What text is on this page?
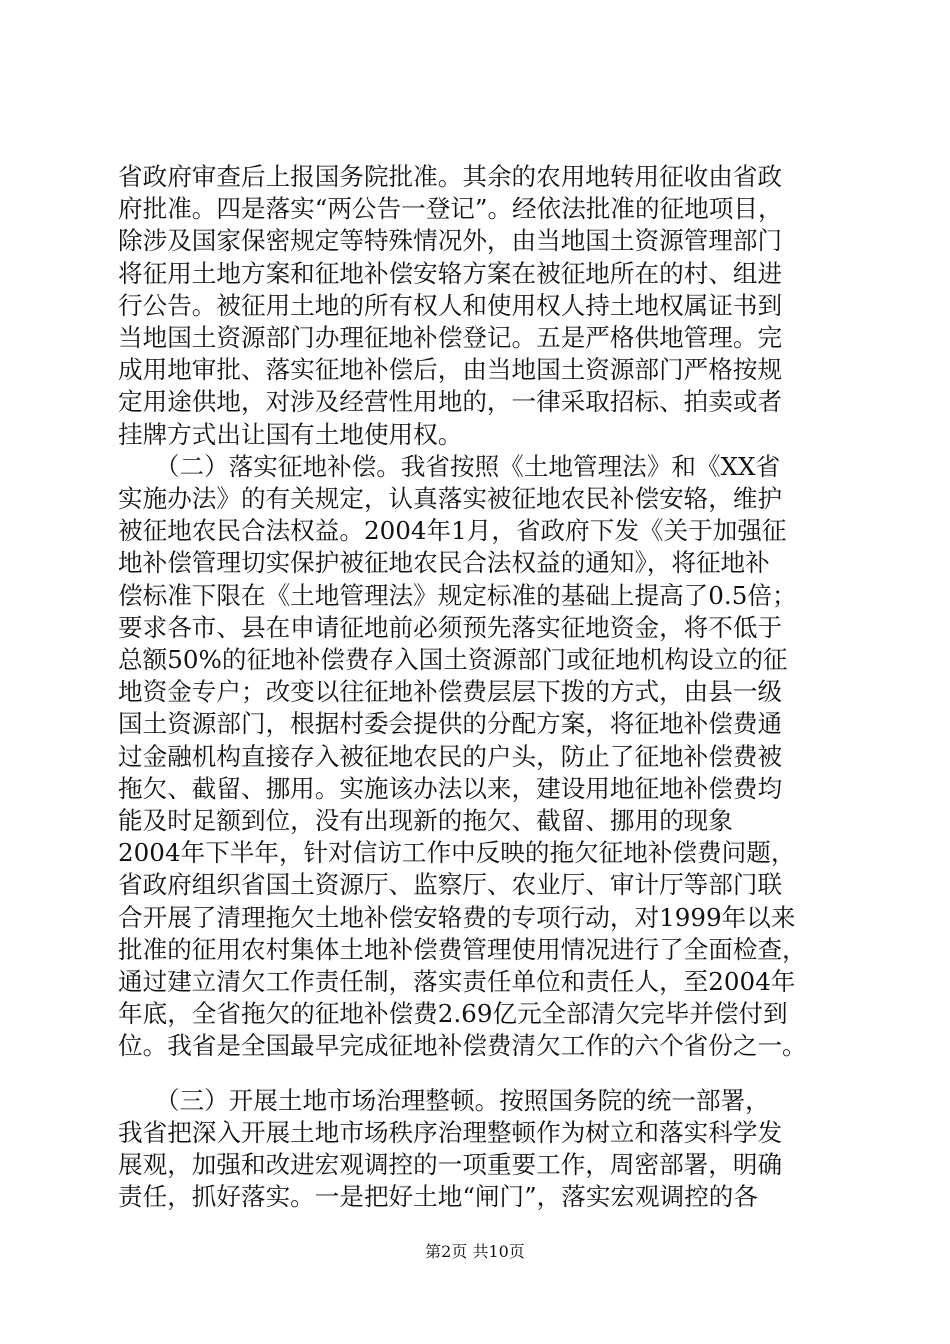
省政府审查后上报国务院批准。其余的农用地转用征收由省政
府批准。四是落实“两公告一登记”。经依法批准的征地项目，
除涉及国家保密规定等特殊情况外，由当地国土资源管理部门
将征用土地方案和征地补偿安辂方案在被征地所在的村、组进
行公告。被征用土地的所有权人和使用权人持土地权属证书到
当地国土资源部门办理征地补偿登记。五是严格供地管理。完
成用地审批、落实征地补偿后，由当地国土资源部门严格按规
定用途供地，对涉及经营性用地的，一律采取招标、拍卖或者
挂牌方式出让国有土地使用权。
　　（二）落实征地补偿。我省按照《土地管理法》和《XX省
实施办法》的有关规定，认真落实被征地农民补偿安辂，维护
被征地农民合法权益。2004年1月，省政府下发《关于加强征
地补偿管理切实保护被征地农民合法权益的通知》，将征地补
偿标准下限在《土地管理法》规定标准的基础上提高了0.5倍；
要求各市、县在申请征地前必须预先落实征地资金，将不低于
总额50%的征地补偿费存入国土资源部门或征地机构设立的征
地资金专户；改变以往征地补偿费层层下拨的方式，由县一级
国土资源部门，根据村委会提供的分配方案，将征地补偿费通
过金融机构直接存入被征地农民的户头，防止了征地补偿费被
拖欠、截留、挪用。实施该办法以来，建设用地征地补偿费均
能及时足额到位，没有出现新的拖欠、截留、挪用的现象
2004年下半年，针对信访工作中反映的拖欠征地补偿费问题，
省政府组织省国土资源厅、监察厅、农业厅、审计厅等部门联
合开展了清理拖欠土地补偿安辂费的专项行动，对1999年以来
批准的征用农村集体土地补偿费管理使用情况进行了全面检查，
通过建立清欠工作责任制，落实责任单位和责任人，至2004年
年底，全省拖欠的征地补偿费2.69亿元全部清欠完毕并偿付到
位。我省是全国最早完成征地补偿费清欠工作的六个省份之一。
　　（三）开展土地市场治理整顿。按照国务院的统一部署，
我省把深入开展土地市场秩序治理整顿作为树立和落实科学发
展观，加强和改进宏观调控的一项重要工作，周密部署，明确
责任，抓好落实。一是把好土地“闸门”，落实宏观调控的各
第2页 共10页
